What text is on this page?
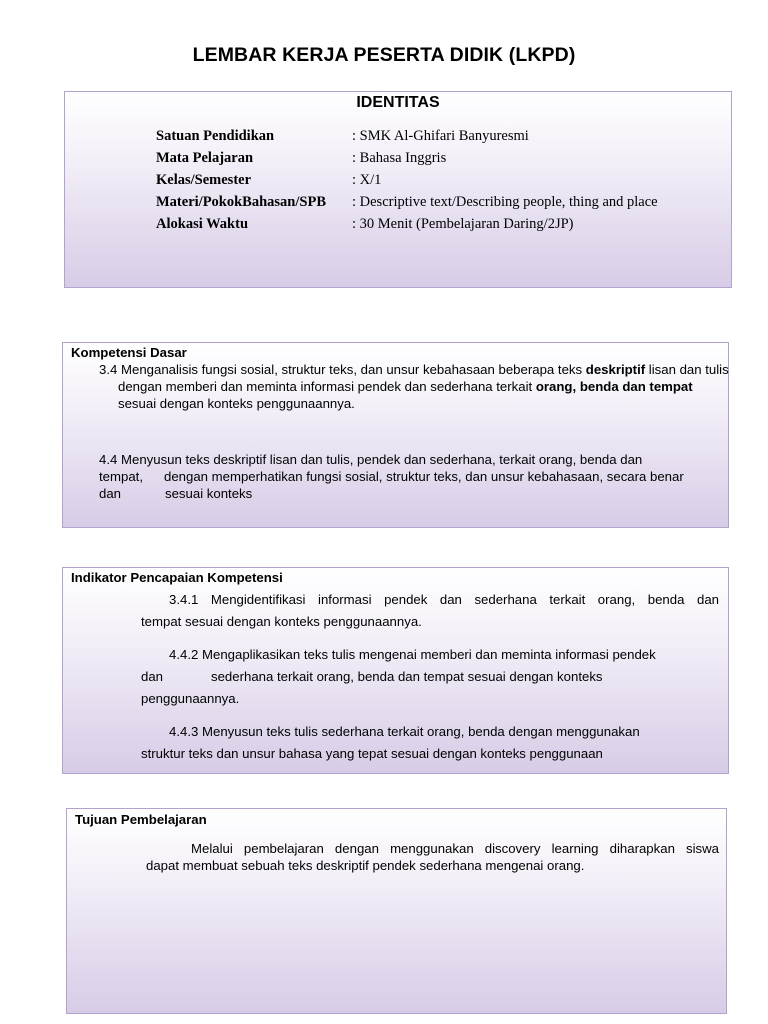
LEMBAR KERJA PESERTA DIDIK (LKPD)
IDENTITAS
Satuan Pendidikan	: SMK Al-Ghifari Banyuresmi
Mata Pelajaran	: Bahasa Inggris
Kelas/Semester	: X/1
Materi/PokokBahasan/SPB : Descriptive text/Describing people, thing and place
Alokasi Waktu	: 30 Menit (Pembelajaran Daring/2JP)
Kompetensi Dasar
3.4 Menganalisis fungsi sosial, struktur teks, dan unsur kebahasaan beberapa teks deskriptif lisan dan tulis dengan memberi dan meminta informasi pendek dan sederhana terkait orang, benda dan tempat sesuai dengan konteks penggunaannya.
4.4 Menyusun teks deskriptif lisan dan tulis, pendek dan sederhana, terkait orang, benda dan
tempat, dengan memperhatikan fungsi sosial, struktur teks, dan unsur kebahasaan, secara benar
dan	sesuai konteks
Indikator Pencapaian Kompetensi
3.4.1 Mengidentifikasi informasi pendek dan sederhana terkait orang, benda dan
tempat sesuai dengan konteks penggunaannya.
4.4.2 Mengaplikasikan teks tulis mengenai memberi dan meminta informasi pendek
dan	sederhana terkait orang, benda dan tempat sesuai dengan konteks
penggunaannya.
4.4.3 Menyusun teks tulis sederhana terkait orang, benda dengan menggunakan
struktur teks dan unsur bahasa yang tepat sesuai dengan konteks penggunaan
Tujuan Pembelajaran
Melalui pembelajaran dengan menggunakan discovery learning diharapkan siswa
dapat membuat sebuah teks deskriptif pendek sederhana mengenai orang.
